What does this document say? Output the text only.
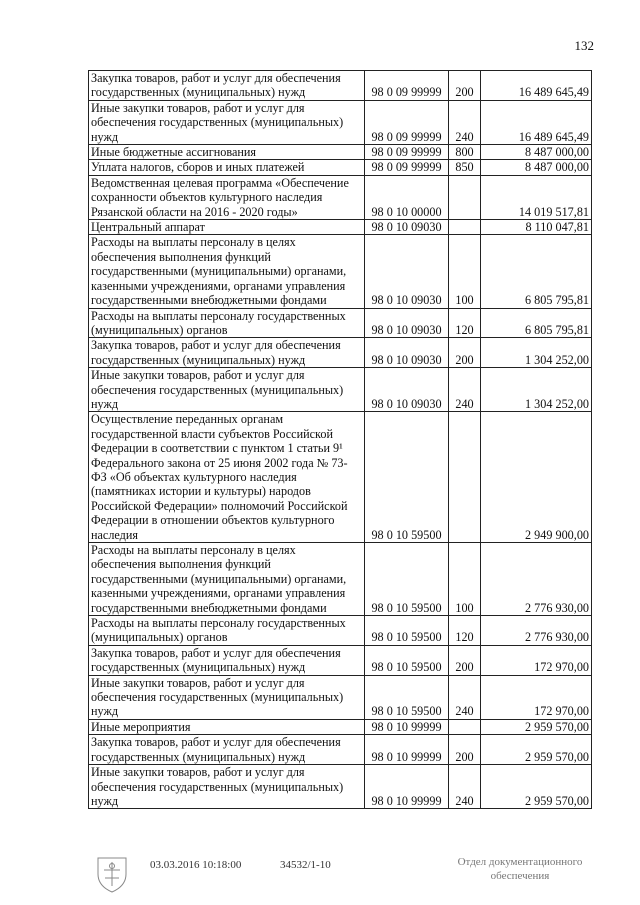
132
Закупка товаров, работ и услуг для обеспечения государственных (муниципальных) нужд	98 0 09 99999	200	16 489 645,49
Иные закупки товаров, работ и услуг для обеспечения государственных (муниципальных) нужд	98 0 09 99999	240	16 489 645,49
Иные бюджетные ассигнования	98 0 09 99999	800	8 487 000,00
Уплата налогов, сборов и иных платежей	98 0 09 99999	850	8 487 000,00
Ведомственная целевая программа «Обеспечение сохранности объектов культурного наследия Рязанской области на 2016 - 2020 годы»	98 0 10 00000		14 019 517,81
Центральный аппарат	98 0 10 09030		8 110 047,81
Расходы на выплаты персоналу в целях обеспечения выполнения функций государственными (муниципальными) органами, казенными учреждениями, органами управления государственными внебюджетными фондами	98 0 10 09030	100	6 805 795,81
Расходы на выплаты персоналу государственных (муниципальных) органов	98 0 10 09030	120	6 805 795,81
Закупка товаров, работ и услуг для обеспечения государственных (муниципальных) нужд	98 0 10 09030	200	1 304 252,00
Иные закупки товаров, работ и услуг для обеспечения государственных (муниципальных) нужд	98 0 10 09030	240	1 304 252,00
Осуществление переданных органам государственной власти субъектов Российской Федерации в соответствии с пунктом 1 статьи 9¹ Федерального закона от 25 июня 2002 года № 73-ФЗ «Об объектах культурного наследия (памятниках истории и культуры) народов Российской Федерации» полномочий Российской Федерации в отношении объектов культурного наследия	98 0 10 59500		2 949 900,00
Расходы на выплаты персоналу в целях обеспечения выполнения функций государственными (муниципальными) органами, казенными учреждениями, органами управления государственными внебюджетными фондами	98 0 10 59500	100	2 776 930,00
Расходы на выплаты персоналу государственных (муниципальных) органов	98 0 10 59500	120	2 776 930,00
Закупка товаров, работ и услуг для обеспечения государственных (муниципальных) нужд	98 0 10 59500	200	172 970,00
Иные закупки товаров, работ и услуг для обеспечения государственных (муниципальных) нужд	98 0 10 59500	240	172 970,00
Иные мероприятия	98 0 10 99999		2 959 570,00
Закупка товаров, работ и услуг для обеспечения государственных (муниципальных) нужд	98 0 10 99999	200	2 959 570,00
Иные закупки товаров, работ и услуг для обеспечения государственных (муниципальных) нужд	98 0 10 99999	240	2 959 570,00
03.03.2016 10:18:00	34532/1-10	Отдел документационного
обеспечения
